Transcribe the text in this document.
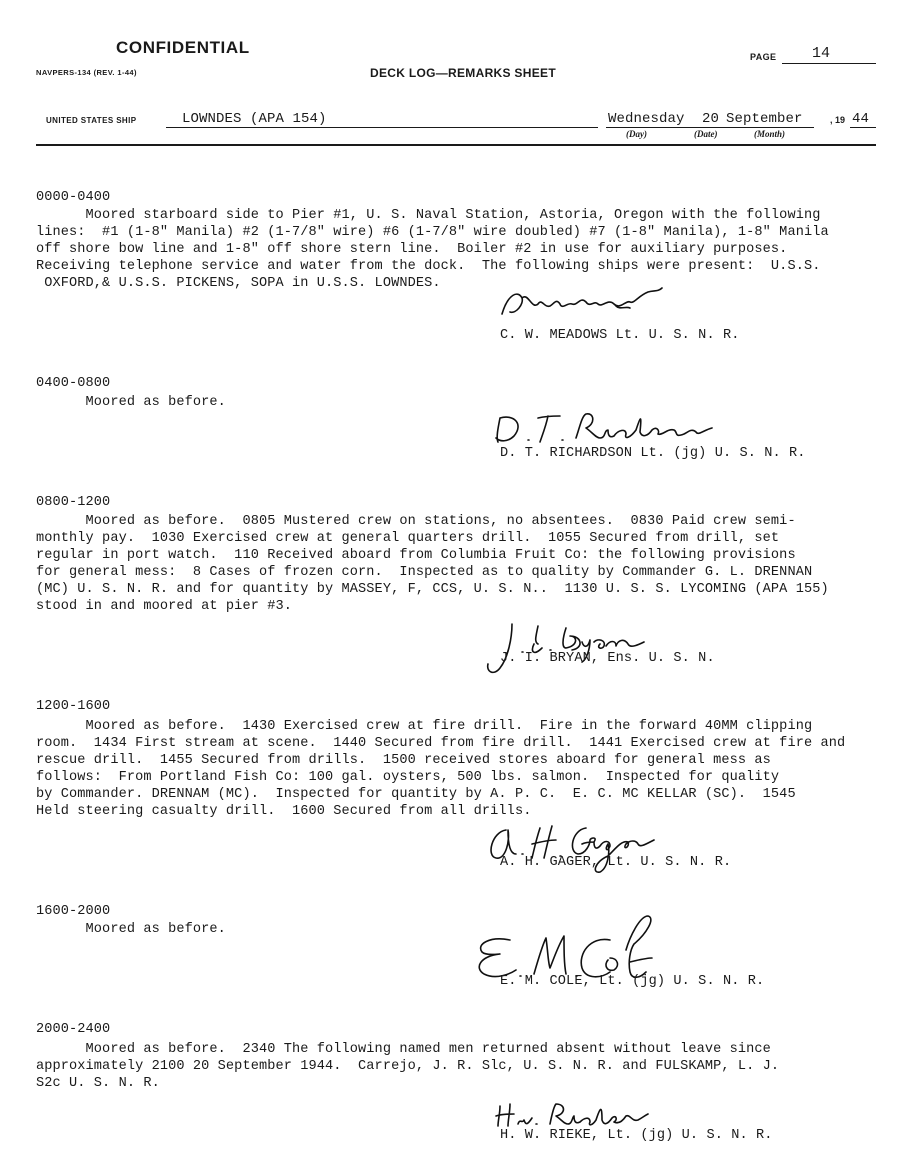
CONFIDENTIAL
NAVPERS-134 (REV. 1-44)	DECK LOG—REMARKS SHEET
PAGE 14
UNITED STATES SHIP	LOWNDES (APA 154)	Wednesday 20 September	, 19 44
(Day)	(Date)	(Month)
0000-0400
Moored starboard side to Pier #1, U. S. Naval Station, Astoria, Oregon with the following
lines:  #1 (1-8" Manila) #2 (1-7/8" wire) #6 (1-7/8" wire doubled) #7 (1-8" Manila), 1-8" Manila
off shore bow line and 1-8" off shore stern line.  Boiler #2 in use for auxiliary purposes.
Receiving telephone service and water from the dock.  The following ships were present:  U.S.S.
OXFORD,& U.S.S. PICKENS, SOPA in U.S.S. LOWNDES.
C. W. MEADOWS Lt. U. S. N. R.
0400-0800
Moored as before.
D. T. RICHARDSON Lt. (jg) U. S. N. R.
0800-1200
Moored as before.  0805 Mustered crew on stations, no absentees.  0830 Paid crew semi-
monthly pay.  1030 Exercised crew at general quarters drill.  1055 Secured from drill, set
regular in port watch.  110 Received aboard from Columbia Fruit Co: the following provisions
for general mess:  8 Cases of frozen corn.  Inspected as to quality by Commander G. L. DRENNAN
(MC) U. S. N. R. and for quantity by MASSEY, F, CCS, U. S. N..  1130 U. S. S. LYCOMING (APA 155)
stood in and moored at pier #3.
J. I. BRYAN, Ens. U. S. N.
1200-1600
Moored as before.  1430 Exercised crew at fire drill.  Fire in the forward 40MM clipping
room.  1434 First stream at scene.  1440 Secured from fire drill.  1441 Exercised crew at fire and
rescue drill.  1455 Secured from drills.  1500 received stores aboard for general mess as
follows:  From Portland Fish Co: 100 gal. oysters, 500 lbs. salmon.  Inspected for quality
by Commander. DRENNAM (MC).  Inspected for quantity by A. P. C.  E. C. MC KELLAR (SC).  1545
Held steering casualty drill.  1600 Secured from all drills.
A. H. GAGER, Lt. U. S. N. R.
1600-2000
Moored as before.
E. M. COLE, Lt. (jg) U. S. N. R.
2000-2400
Moored as before.  2340 The following named men returned absent without leave since
approximately 2100 20 September 1944.  Carrejo, J. R. Slc, U. S. N. R. and FULSKAMP, L. J.
S2c U. S. N. R.
H. W. RIEKE, Lt. (jg) U. S. N. R.
